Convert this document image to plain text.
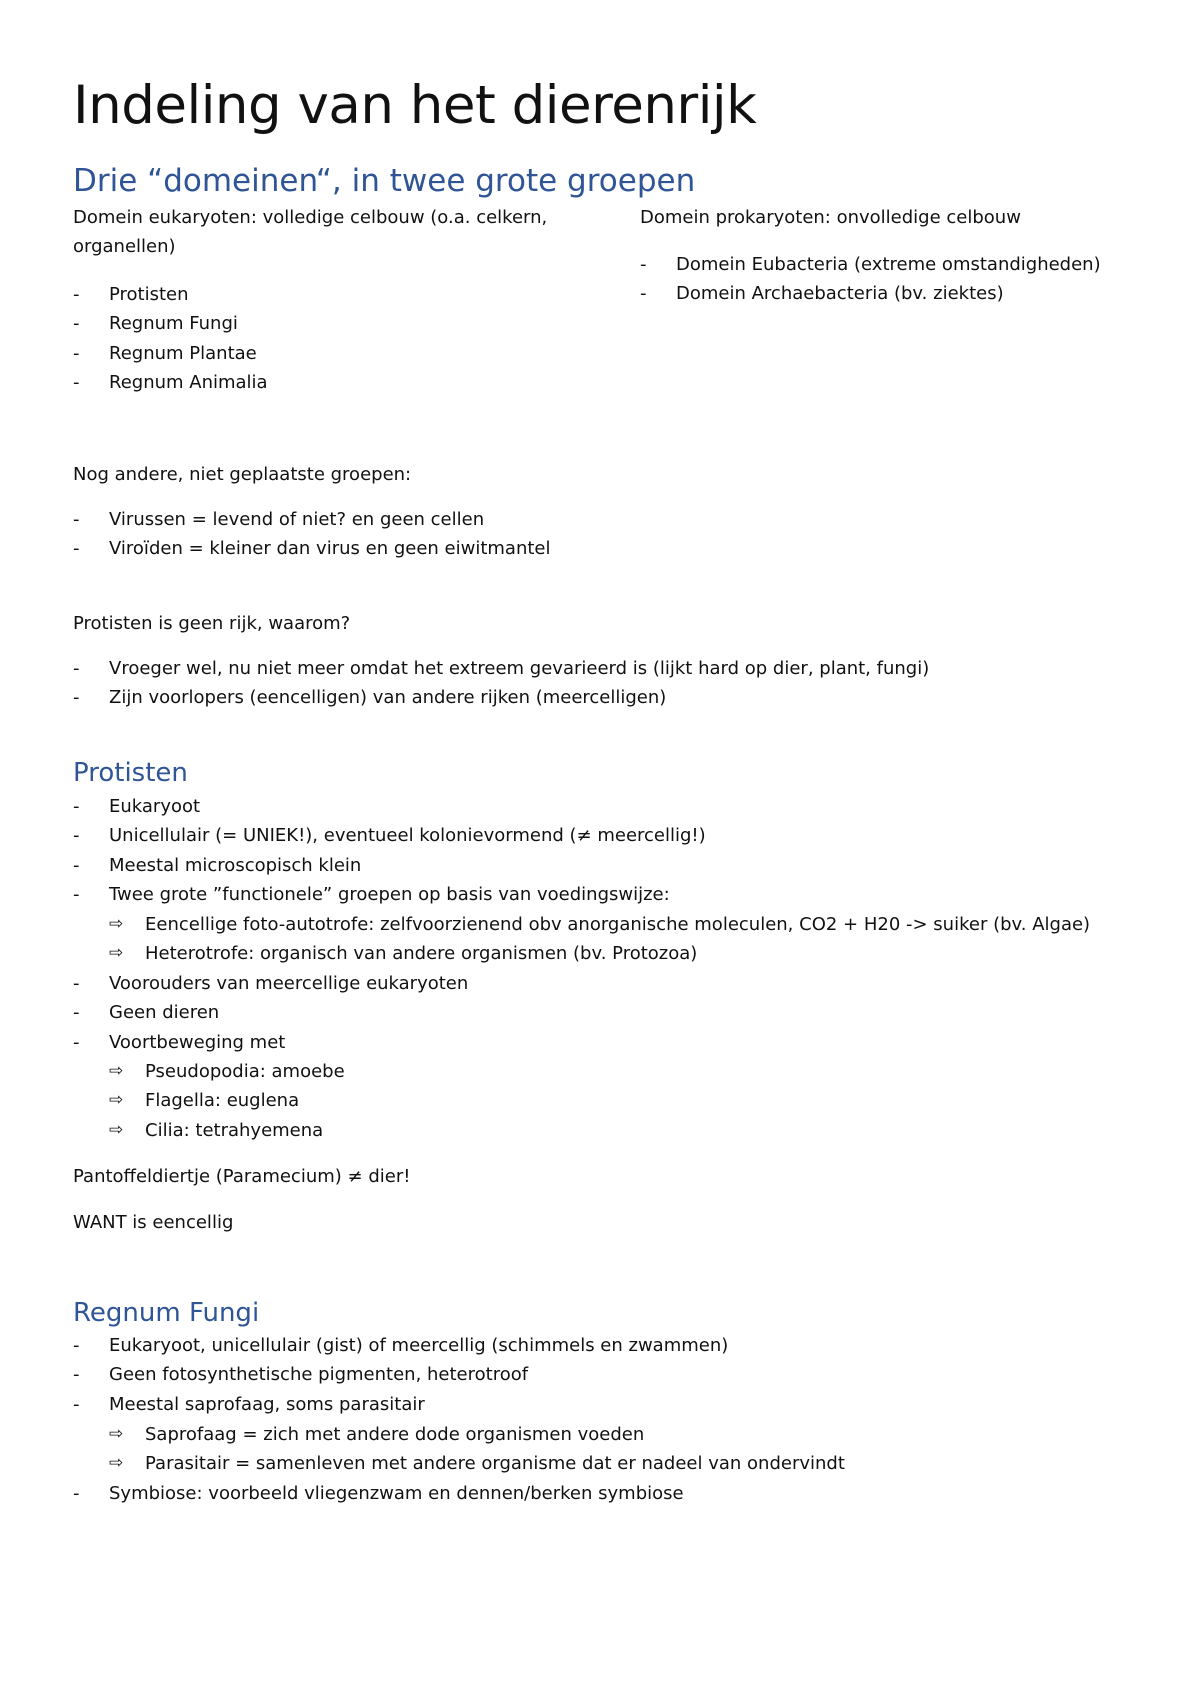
Indeling van het dierenrijk
Drie “domeinen“, in twee grote groepen

Domein eukaryoten: volledige celbouw (o.a. celkern, organellen)

- Protisten
- Regnum Fungi
- Regnum Plantae
- Regnum Animalia

Domein prokaryoten: onvolledige celbouw

- Domein Eubacteria (extreme omstandigheden)
- Domein Archaebacteria (bv. ziektes)

Nog andere, niet geplaatste groepen:

- Virussen = levend of niet? en geen cellen
- Viroïden = kleiner dan virus en geen eiwitmantel

Protisten is geen rijk, waarom?

- Vroeger wel, nu niet meer omdat het extreem gevarieerd is (lijkt hard op dier, plant, fungi)
- Zijn voorlopers (eencelligen) van andere rijken (meercelligen)
Protisten
- Eukaryoot
- Unicellulair (= UNIEK!), eventueel kolonievormend (≠ meercellig!)
- Meestal microscopisch klein
- Twee grote ”functionele” groepen op basis van voedingswijze:
⇨ Eencellige foto-autotrofe: zelfvoorzienend obv anorganische moleculen, CO2 + H20 -> suiker (bv. Algae)
⇨ Heterotrofe: organisch van andere organismen (bv. Protozoa)
- Voorouders van meercellige eukaryoten
- Geen dieren
- Voortbeweging met
⇨ Pseudopodia: amoebe
⇨ Flagella: euglena
⇨ Cilia: tetrahyemena

Pantoffeldiertje (Paramecium) ≠ dier!

WANT is eencellig

Regnum Fungi
- Eukaryoot, unicellulair (gist) of meercellig (schimmels en zwammen)
- Geen fotosynthetische pigmenten, heterotroof
- Meestal saprofaag, soms parasitair
⇨ Saprofaag = zich met andere dode organismen voeden
⇨ Parasitair = samenleven met andere organisme dat er nadeel van ondervindt
- Symbiose: voorbeeld vliegenzwam en dennen/berken symbiose
